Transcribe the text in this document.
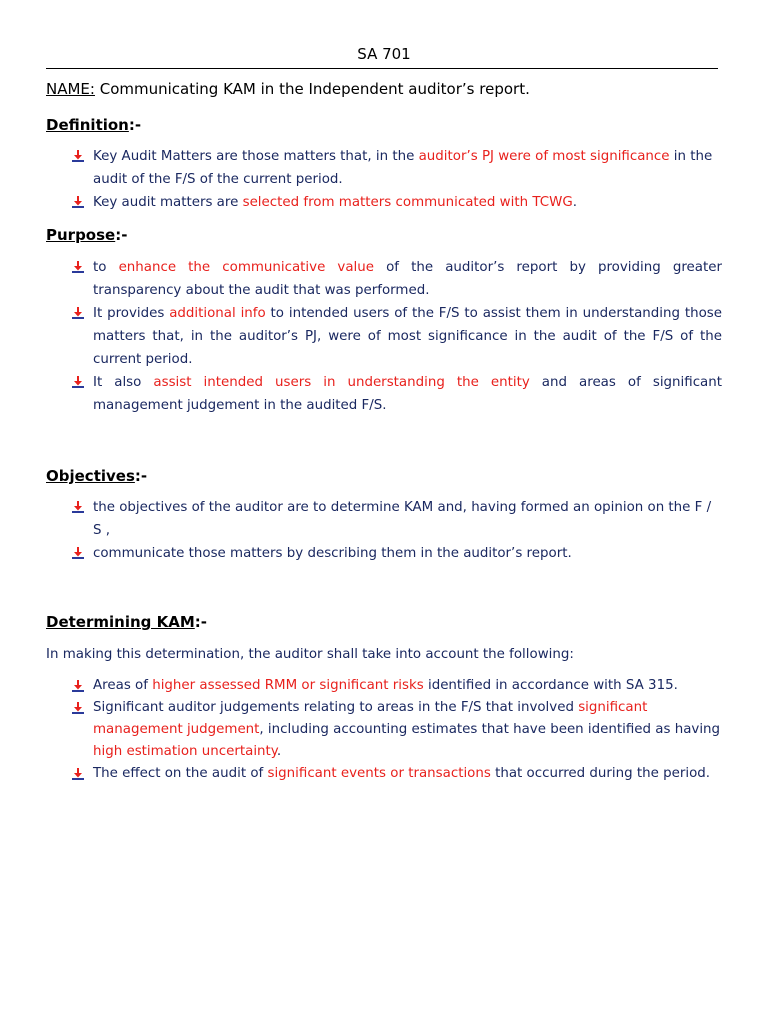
SA 701
NAME: Communicating KAM in the Independent auditor’s report.
Definition:-
Key Audit Matters are those matters that, in the auditor’s PJ were of most significance in the audit of the F/S of the current period.
Key audit matters are selected from matters communicated with TCWG.
Purpose:-
to enhance the communicative value of the auditor’s report by providing greater transparency about the audit that was performed.
It provides additional info to intended users of the F/S to assist them in understanding those matters that, in the auditor’s PJ, were of most significance in the audit of the F/S of the current period.
It also assist intended users in understanding the entity and areas of significant management judgement in the audited F/S.
Objectives:-
the objectives of the auditor are to determine KAM and, having formed an opinion on the F / S ,
communicate those matters by describing them in the auditor’s report.
Determining KAM:-
In making this determination, the auditor shall take into account the following:
Areas of higher assessed RMM or significant risks identified in accordance with SA 315.
Significant auditor judgements relating to areas in the F/S that involved significant management judgement, including accounting estimates that have been identified as having high estimation uncertainty.
The effect on the audit of significant events or transactions that occurred during the period.
